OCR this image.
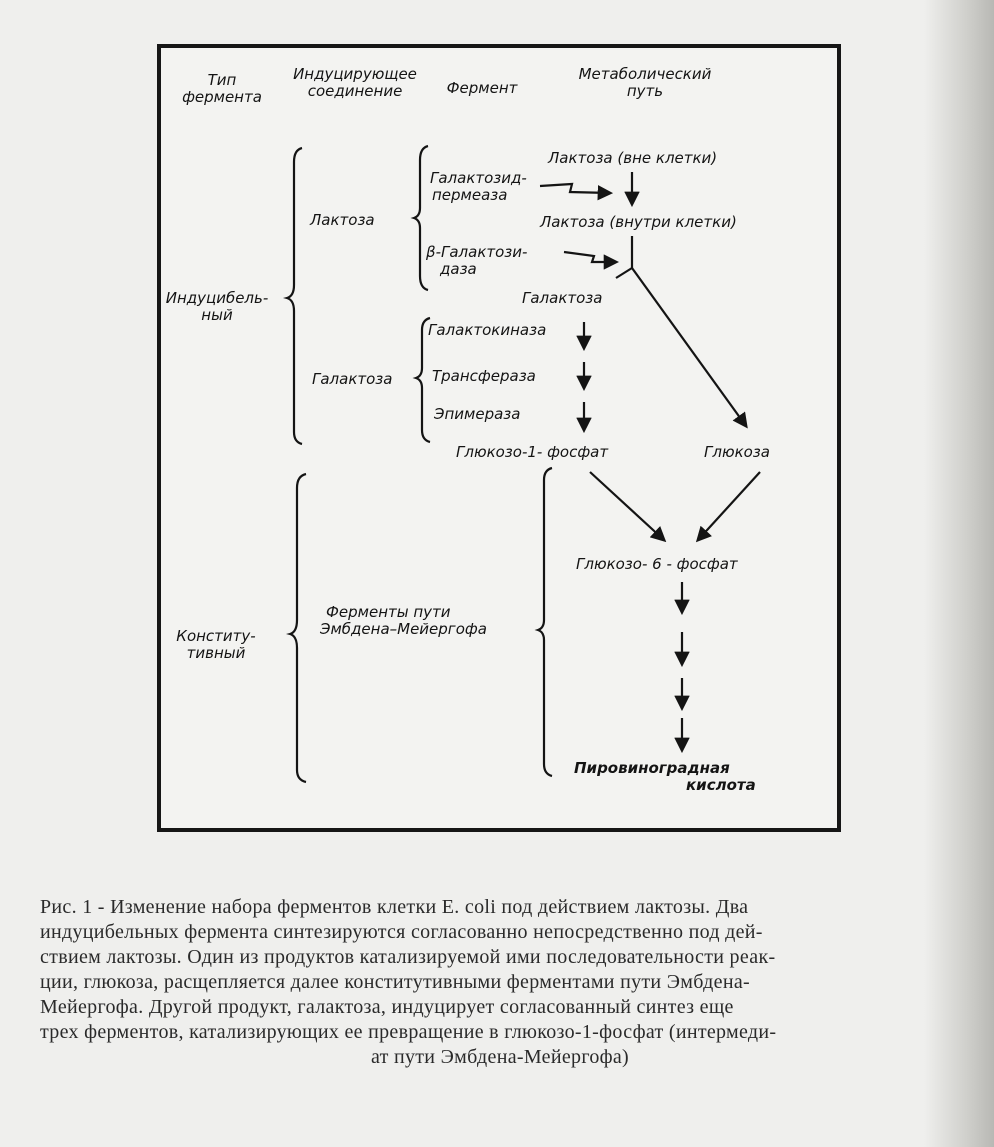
Тип
фермента
Индуцирующее
соединение	Фермент
Метаболический
путь
Индуцибель-
ный
Конститу-
тивный
Лактоза
Галактоза
Ферменты пути
Эмбдена–Мейергофа
Галактозид-
пермеаза
β-Галактози-
даза
Галактокиназа
Трансфераза
Эпимераза
Лактоза (вне клетки)
Лактоза (внутри клетки)
Галактоза
Глюкозо-1- фосфат	Глюкоза
Глюкозо- 6 - фосфат
Пировиноградная
кислота
Рис. 1 - Изменение набора ферментов клетки E. coli под действием лактозы. Два
индуцибельных фермента синтезируются согласованно непосредственно под дей-
ствием лактозы. Один из продуктов катализируемой ими последовательности реак-
ции, глюкоза, расщепляется далее конститутивными ферментами пути Эмбдена-
Мейергофа. Другой продукт, галактоза, индуцирует согласованный синтез еще
трех ферментов, катализирующих ее превращение в глюкозо-1-фосфат (интермеди-
ат пути Эмбдена-Мейергофа)
